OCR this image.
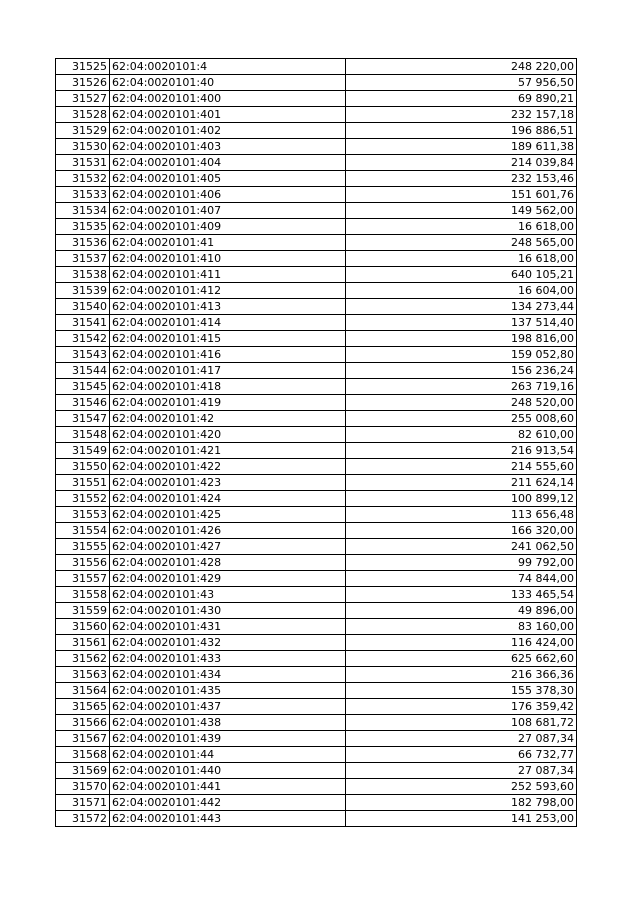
31525	62:04:0020101:4	248 220,00
31526	62:04:0020101:40	57 956,50
31527	62:04:0020101:400	69 890,21
31528	62:04:0020101:401	232 157,18
31529	62:04:0020101:402	196 886,51
31530	62:04:0020101:403	189 611,38
31531	62:04:0020101:404	214 039,84
31532	62:04:0020101:405	232 153,46
31533	62:04:0020101:406	151 601,76
31534	62:04:0020101:407	149 562,00
31535	62:04:0020101:409	16 618,00
31536	62:04:0020101:41	248 565,00
31537	62:04:0020101:410	16 618,00
31538	62:04:0020101:411	640 105,21
31539	62:04:0020101:412	16 604,00
31540	62:04:0020101:413	134 273,44
31541	62:04:0020101:414	137 514,40
31542	62:04:0020101:415	198 816,00
31543	62:04:0020101:416	159 052,80
31544	62:04:0020101:417	156 236,24
31545	62:04:0020101:418	263 719,16
31546	62:04:0020101:419	248 520,00
31547	62:04:0020101:42	255 008,60
31548	62:04:0020101:420	82 610,00
31549	62:04:0020101:421	216 913,54
31550	62:04:0020101:422	214 555,60
31551	62:04:0020101:423	211 624,14
31552	62:04:0020101:424	100 899,12
31553	62:04:0020101:425	113 656,48
31554	62:04:0020101:426	166 320,00
31555	62:04:0020101:427	241 062,50
31556	62:04:0020101:428	99 792,00
31557	62:04:0020101:429	74 844,00
31558	62:04:0020101:43	133 465,54
31559	62:04:0020101:430	49 896,00
31560	62:04:0020101:431	83 160,00
31561	62:04:0020101:432	116 424,00
31562	62:04:0020101:433	625 662,60
31563	62:04:0020101:434	216 366,36
31564	62:04:0020101:435	155 378,30
31565	62:04:0020101:437	176 359,42
31566	62:04:0020101:438	108 681,72
31567	62:04:0020101:439	27 087,34
31568	62:04:0020101:44	66 732,77
31569	62:04:0020101:440	27 087,34
31570	62:04:0020101:441	252 593,60
31571	62:04:0020101:442	182 798,00
31572	62:04:0020101:443	141 253,00
